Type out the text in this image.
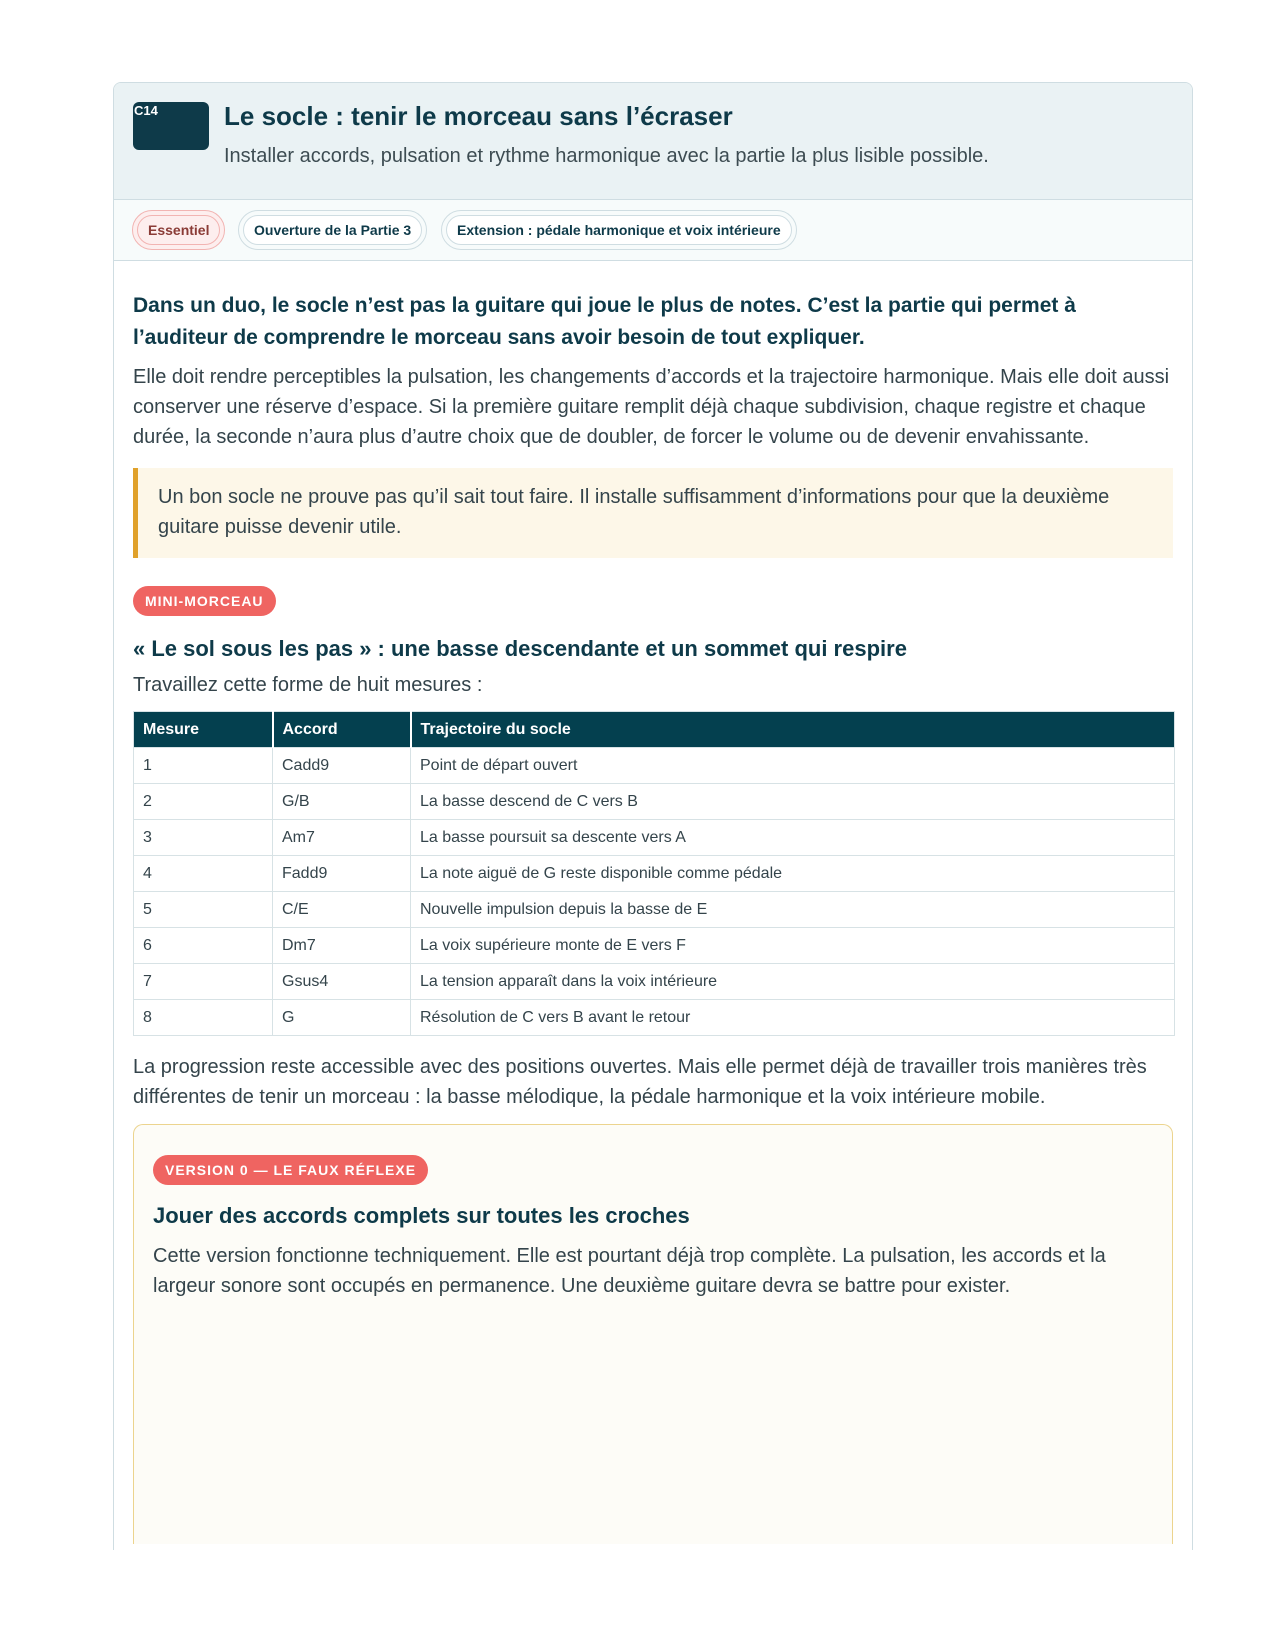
C14	Le socle : tenir le morceau sans l’écraser
Installer accords, pulsation et rythme harmonique avec la partie la plus lisible possible.
Essentiel	Ouverture de la Partie 3	Extension : pédale harmonique et voix intérieure

Dans un duo, le socle n’est pas la guitare qui joue le plus de notes. C’est la partie qui permet à l’auditeur de comprendre le morceau sans avoir besoin de tout expliquer.

Elle doit rendre perceptibles la pulsation, les changements d’accords et la trajectoire harmonique. Mais elle doit aussi conserver une réserve d’espace. Si la première guitare remplit déjà chaque subdivision, chaque registre et chaque durée, la seconde n’aura plus d’autre choix que de doubler, de forcer le volume ou de devenir envahissante.

Un bon socle ne prouve pas qu’il sait tout faire. Il installe suffisamment d’informations pour que la deuxième guitare puisse devenir utile.
MINI-MORCEAU
« Le sol sous les pas » : une basse descendante et un sommet qui respire

Travaillez cette forme de huit mesures :

Mesure	Accord	Trajectoire du socle
1	Cadd9	Point de départ ouvert
2	G/B	La basse descend de C vers B
3	Am7	La basse poursuit sa descente vers A
4	Fadd9	La note aiguë de G reste disponible comme pédale
5	C/E	Nouvelle impulsion depuis la basse de E
6	Dm7	La voix supérieure monte de E vers F
7	Gsus4	La tension apparaît dans la voix intérieure
8	G	Résolution de C vers B avant le retour

La progression reste accessible avec des positions ouvertes. Mais elle permet déjà de travailler trois manières très différentes de tenir un morceau : la basse mélodique, la pédale harmonique et la voix intérieure mobile.

VERSION 0 — LE FAUX RÉFLEXE
Jouer des accords complets sur toutes les croches

Cette version fonctionne techniquement. Elle est pourtant déjà trop complète. La pulsation, les accords et la largeur sonore sont occupés en permanence. Une deuxième guitare devra se battre pour exister.
